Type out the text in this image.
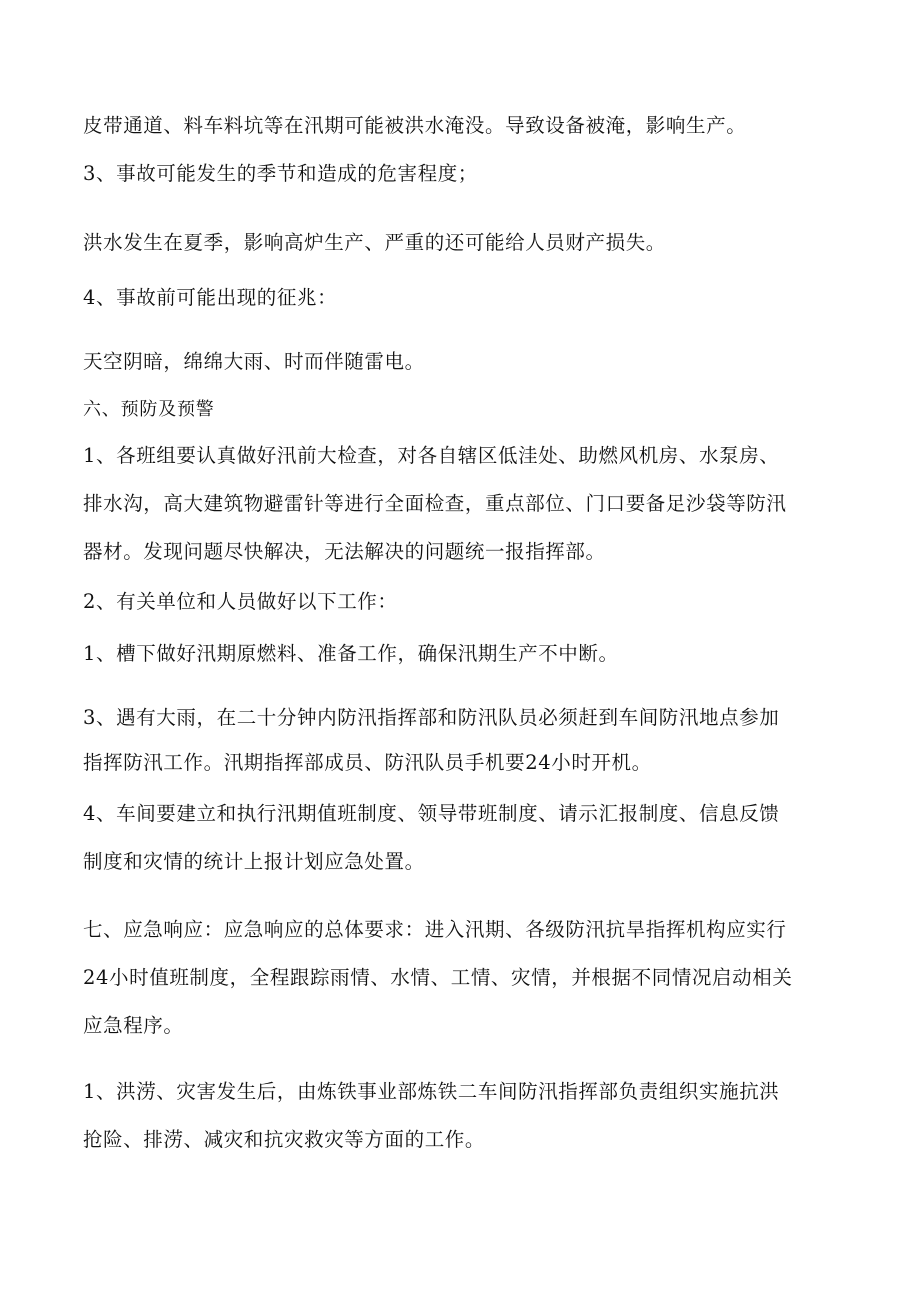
皮带通道、料车料坑等在汛期可能被洪水淹没。导致设备被淹，影响生产。
3、事故可能发生的季节和造成的危害程度；
洪水发生在夏季，影响高炉生产、严重的还可能给人员财产损失。
4、事故前可能出现的征兆：
天空阴暗，绵绵大雨、时而伴随雷电。
六、预防及预警
1、各班组要认真做好汛前大检查，对各自辖区低洼处、助燃风机房、水泵房、
排水沟，高大建筑物避雷针等进行全面检查，重点部位、门口要备足沙袋等防汛
器材。发现问题尽快解决，无法解决的问题统一报指挥部。
2、有关单位和人员做好以下工作：
1、槽下做好汛期原燃料、准备工作，确保汛期生产不中断。
3、遇有大雨，在二十分钟内防汛指挥部和防汛队员必须赶到车间防汛地点参加
指挥防汛工作。汛期指挥部成员、防汛队员手机要24小时开机。
4、车间要建立和执行汛期值班制度、领导带班制度、请示汇报制度、信息反馈
制度和灾情的统计上报计划应急处置。
七、应急响应：应急响应的总体要求：进入汛期、各级防汛抗旱指挥机构应实行
24小时值班制度，全程跟踪雨情、水情、工情、灾情，并根据不同情况启动相关
应急程序。
1、洪涝、灾害发生后，由炼铁事业部炼铁二车间防汛指挥部负责组织实施抗洪
抢险、排涝、减灾和抗灾救灾等方面的工作。
